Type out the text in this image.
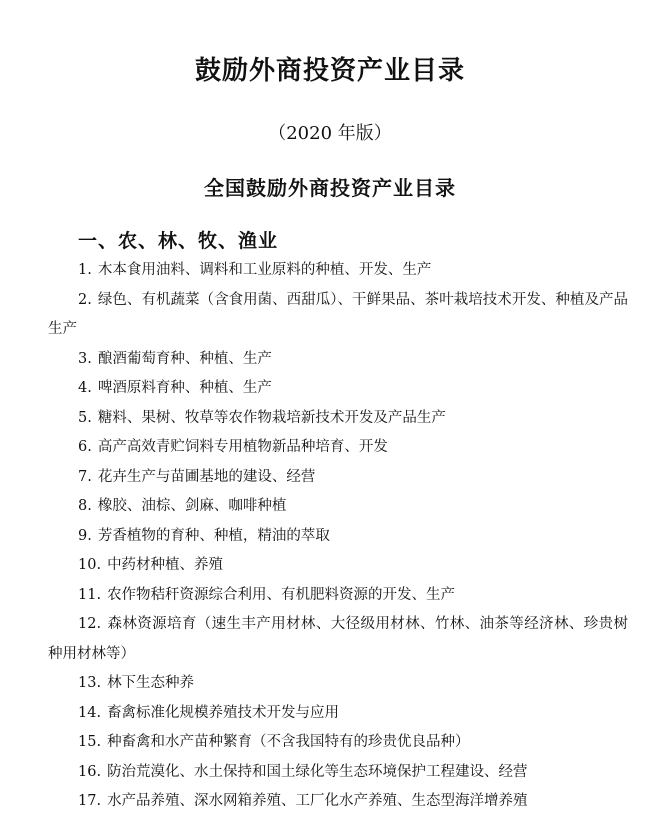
鼓励外商投资产业目录
（2020 年版）
全国鼓励外商投资产业目录
一、农、林、牧、渔业
1. 木本食用油料、调料和工业原料的种植、开发、生产
2. 绿色、有机蔬菜（含食用菌、西甜瓜）、干鲜果品、茶叶栽培技术开发、种植及产品生产
3. 酿酒葡萄育种、种植、生产
4. 啤酒原料育种、种植、生产
5. 糖料、果树、牧草等农作物栽培新技术开发及产品生产
6. 高产高效青贮饲料专用植物新品种培育、开发
7. 花卉生产与苗圃基地的建设、经营
8. 橡胶、油棕、剑麻、咖啡种植
9. 芳香植物的育种、种植，精油的萃取
10. 中药材种植、养殖
11. 农作物秸秆资源综合利用、有机肥料资源的开发、生产
12. 森林资源培育（速生丰产用材林、大径级用材林、竹林、油茶等经济林、珍贵树种用材林等）
13. 林下生态种养
14. 畜禽标准化规模养殖技术开发与应用
15. 种畜禽和水产苗种繁育（不含我国特有的珍贵优良品种）
16. 防治荒漠化、水土保持和国土绿化等生态环境保护工程建设、经营
17. 水产品养殖、深水网箱养殖、工厂化水产养殖、生态型海洋增养殖
